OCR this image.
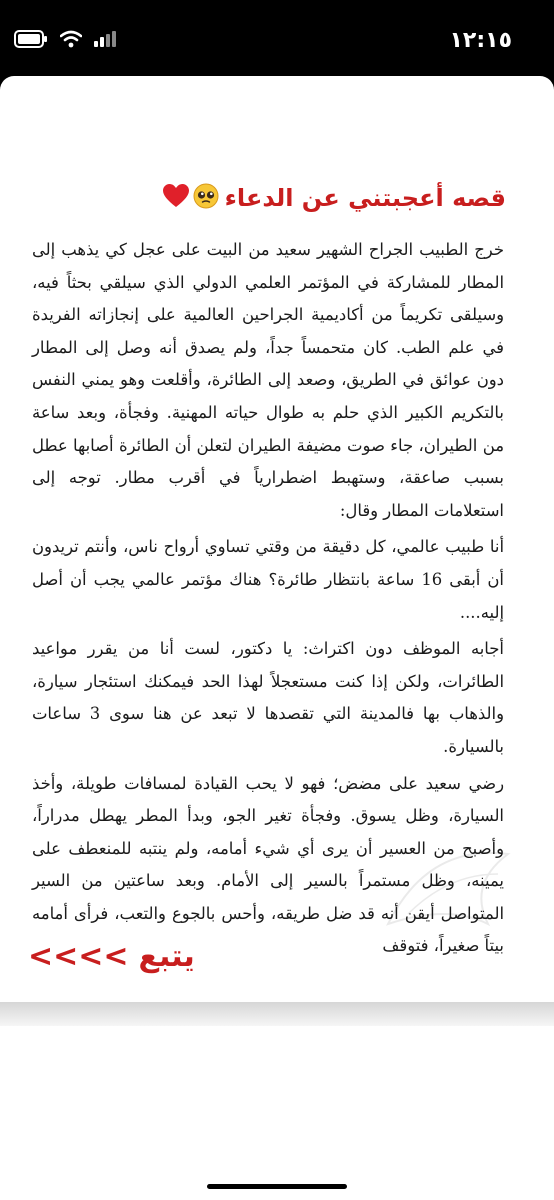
١٢:١٥
قصه أعجبتني عن الدعاء

خرج الطبيب الجراح الشهير سعيد من البيت على عجل كي يذهب إلى المطار للمشاركة في المؤتمر العلمي الدولي الذي سيلقي بحثاً فيه، وسيلقى تكريماً من أكاديمية الجراحين العالمية على إنجازاته الفريدة في علم الطب. كان متحمساً جداً، ولم يصدق أنه وصل إلى المطار دون عوائق في الطريق، وصعد إلى الطائرة، وأقلعت وهو يمني النفس بالتكريم الكبير الذي حلم به طوال حياته المهنية. وفجأة، وبعد ساعة من الطيران، جاء صوت مضيفة الطيران لتعلن أن الطائرة أصابها عطل بسبب صاعقة، وستهبط اضطرارياً في أقرب مطار. توجه إلى استعلامات المطار وقال:

أنا طبيب عالمي، كل دقيقة من وقتي تساوي أرواح ناس، وأنتم تريدون أن أبقى 16 ساعة بانتظار طائرة؟ هناك مؤتمر عالمي يجب أن أصل إليه....

أجابه الموظف دون اكتراث: يا دكتور، لست أنا من يقرر مواعيد الطائرات، ولكن إذا كنت مستعجلاً لهذا الحد فيمكنك استئجار سيارة، والذهاب بها فالمدينة التي تقصدها لا تبعد عن هنا سوى 3 ساعات بالسيارة.

رضي سعيد على مضض؛ فهو لا يحب القيادة لمسافات طويلة، وأخذ السيارة، وظل يسوق. وفجأة تغير الجو، وبدأ المطر يهطل مدراراً، وأصبح من العسير أن يرى أي شيء أمامه، ولم ينتبه للمنعطف على يمينه، وظل مستمراً بالسير إلى الأمام. وبعد ساعتين من السير المتواصل أيقن أنه قد ضل طريقه، وأحس بالجوع والتعب، فرأى أمامه بيتاً صغيراً، فتوقف

يتبع
<<<<
